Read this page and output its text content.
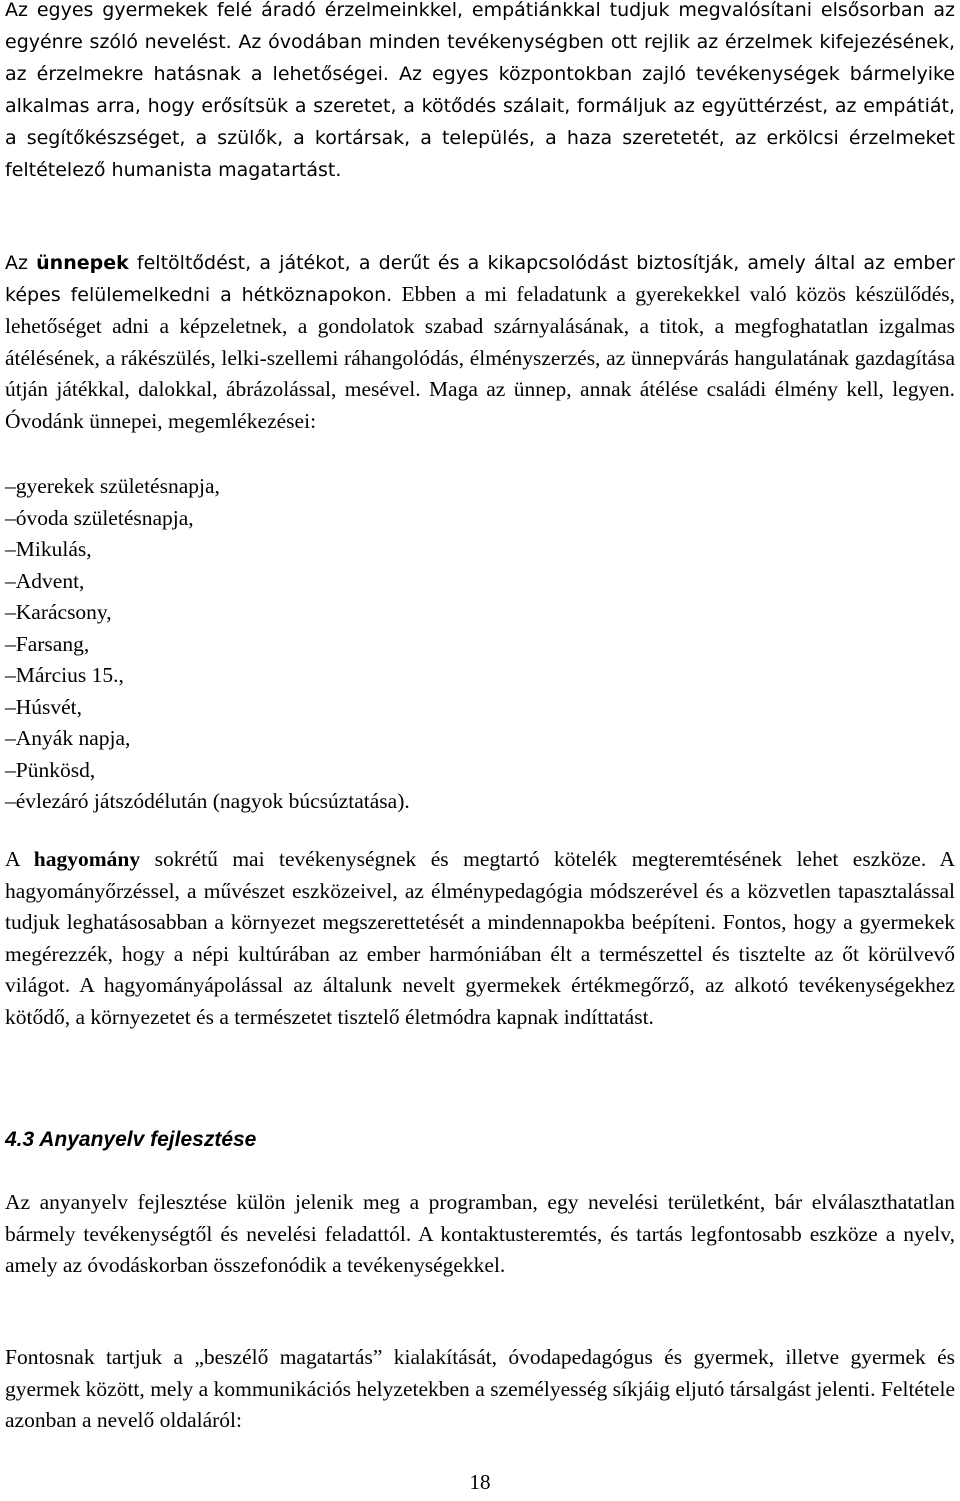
Az egyes gyermekek felé áradó érzelmeinkkel, empátiánkkal tudjuk megvalósítani elsősorban az egyénre szóló nevelést. Az óvodában minden tevékenységben ott rejlik az érzelmek kifejezésének, az érzelmekre hatásnak a lehetőségei. Az egyes központokban zajló tevékenységek bármelyike alkalmas arra, hogy erősítsük a szeretet, a kötődés szálait, formáljuk az együttérzést, az empátiát, a segítőkészséget, a szülők, a kortársak, a település, a haza szeretetét, az erkölcsi érzelmeket feltételező humanista magatartást.

Az ünnepek feltöltődést, a játékot, a derűt és a kikapcsolódást biztosítják, amely által az ember képes felülemelkedni a hétköznapokon. Ebben a mi feladatunk a gyerekekkel való közös készülődés, lehetőséget adni a képzeletnek, a gondolatok szabad szárnyalásának, a titok, a megfoghatatlan izgalmas átélésének, a rákészülés, lelki-szellemi ráhangolódás, élményszerzés, az ünnepvárás hangulatának gazdagítása útján játékkal, dalokkal, ábrázolással, mesével. Maga az ünnep, annak átélése családi élmény kell, legyen. Óvodánk ünnepei, megemlékezései:

– gyerekek születésnapja,
– óvoda születésnapja,
– Mikulás,
– Advent,
– Karácsony,
– Farsang,
– Március 15.,
– Húsvét,
– Anyák napja,
– Pünkösd,
– évlezáró játszódélután (nagyok búcsúztatása).

A hagyomány sokrétű mai tevékenységnek és megtartó kötelék megteremtésének lehet eszköze. A hagyományőrzéssel, a művészet eszközeivel, az élménypedagógia módszerével és a közvetlen tapasztalással tudjuk leghatásosabban a környezet megszerettetését a mindennapokba beépíteni. Fontos, hogy a gyermekek megérezzék, hogy a népi kultúrában az ember harmóniában élt a természettel és tisztelte az őt körülvevő világot. A hagyományápolással az általunk nevelt gyermekek értékmegőrző, az alkotó tevékenységekhez kötődő, a környezetet és a természetet tisztelő életmódra kapnak indíttatást.

4.3 Anyanyelv fejlesztése

Az anyanyelv fejlesztése külön jelenik meg a programban, egy nevelési területként, bár elválaszthatatlan bármely tevékenységtől és nevelési feladattól. A kontaktusteremtés, és tartás legfontosabb eszköze a nyelv, amely az óvodáskorban összefonódik a tevékenységekkel.

Fontosnak tartjuk a „beszélő magatartás” kialakítását, óvodapedagógus és gyermek, illetve gyermek és gyermek között, mely a kommunikációs helyzetekben a személyesség síkjáig eljutó társalgást jelenti. Feltétele azonban a nevelő oldaláról:

18
